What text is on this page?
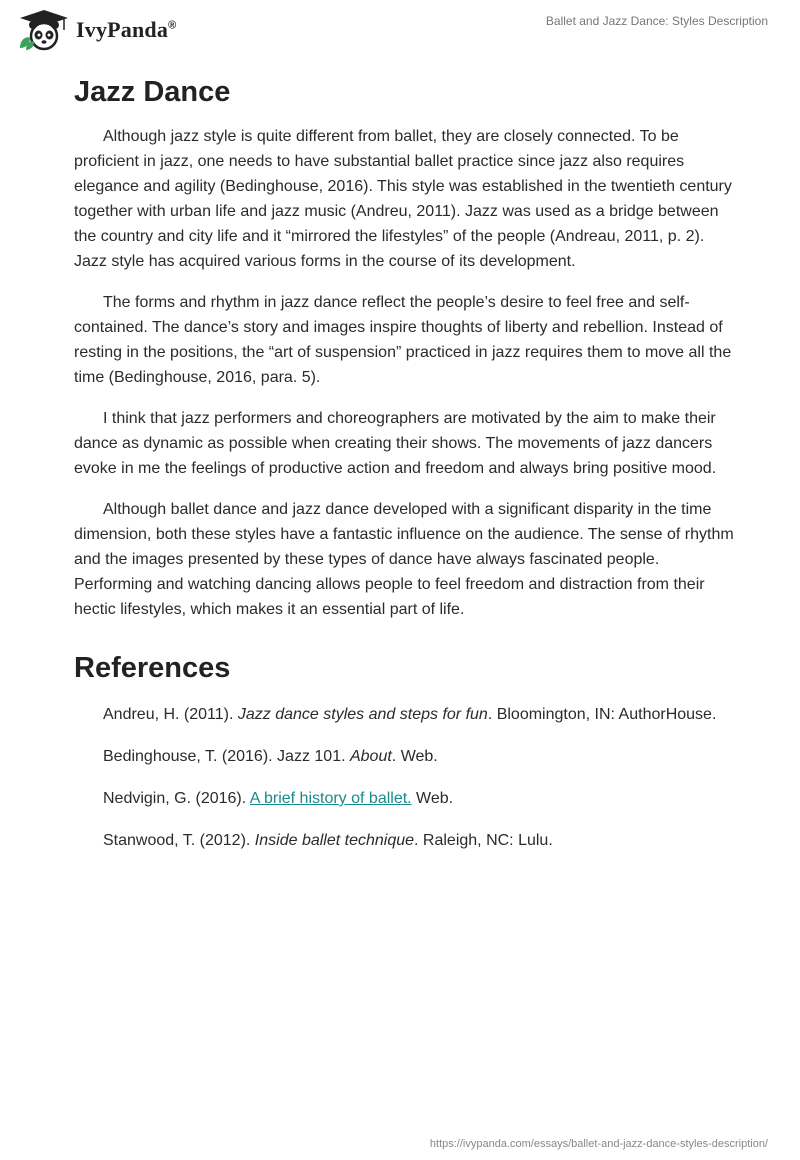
IvyPanda®	Ballet and Jazz Dance: Styles Description
Jazz Dance

Although jazz style is quite different from ballet, they are closely connected. To be proficient in jazz, one needs to have substantial ballet practice since jazz also requires elegance and agility (Bedinghouse, 2016). This style was established in the twentieth century together with urban life and jazz music (Andreu, 2011). Jazz was used as a bridge between the country and city life and it “mirrored the lifestyles” of the people (Andreau, 2011, p. 2). Jazz style has acquired various forms in the course of its development.

The forms and rhythm in jazz dance reflect the people’s desire to feel free and self-contained. The dance’s story and images inspire thoughts of liberty and rebellion. Instead of resting in the positions, the “art of suspension” practiced in jazz requires them to move all the time (Bedinghouse, 2016, para. 5).

I think that jazz performers and choreographers are motivated by the aim to make their dance as dynamic as possible when creating their shows. The movements of jazz dancers evoke in me the feelings of productive action and freedom and always bring positive mood.

Although ballet dance and jazz dance developed with a significant disparity in the time dimension, both these styles have a fantastic influence on the audience. The sense of rhythm and the images presented by these types of dance have always fascinated people. Performing and watching dancing allows people to feel freedom and distraction from their hectic lifestyles, which makes it an essential part of life.

References

Andreu, H. (2011). Jazz dance styles and steps for fun. Bloomington, IN: AuthorHouse.

Bedinghouse, T. (2016). Jazz 101. About. Web.

Nedvigin, G. (2016). A brief history of ballet. Web.

Stanwood, T. (2012). Inside ballet technique. Raleigh, NC: Lulu.

https://ivypanda.com/essays/ballet-and-jazz-dance-styles-description/
